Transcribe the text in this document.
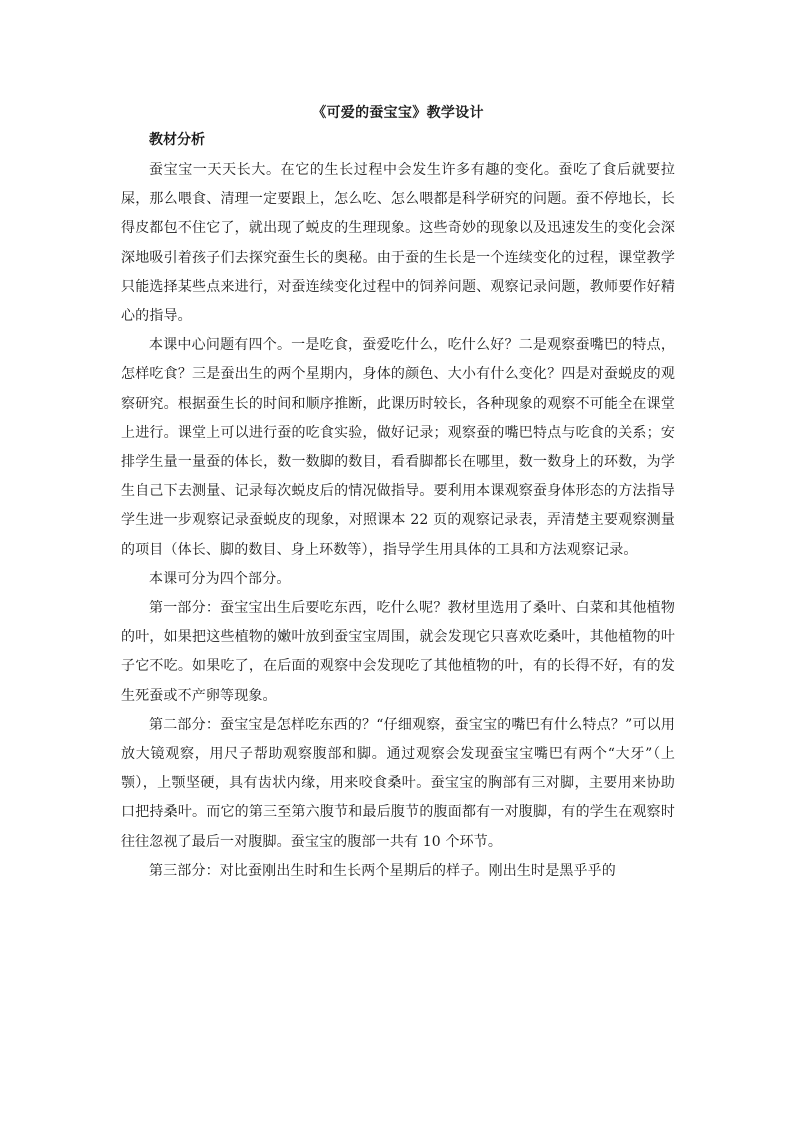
《可爱的蚕宝宝》教学设计

教材分析

蚕宝宝一天天长大。在它的生长过程中会发生许多有趣的变化。蚕吃了食后就要拉屎，那么喂食、清理一定要跟上，怎么吃、怎么喂都是科学研究的问题。蚕不停地长，长得皮都包不住它了，就出现了蜕皮的生理现象。这些奇妙的现象以及迅速发生的变化会深深地吸引着孩子们去探究蚕生长的奥秘。由于蚕的生长是一个连续变化的过程，课堂教学只能选择某些点来进行，对蚕连续变化过程中的饲养问题、观察记录问题，教师要作好精心的指导。

本课中心问题有四个。一是吃食，蚕爱吃什么，吃什么好？二是观察蚕嘴巴的特点，怎样吃食？三是蚕出生的两个星期内，身体的颜色、大小有什么变化？四是对蚕蜕皮的观察研究。根据蚕生长的时间和顺序推断，此课历时较长，各种现象的观察不可能全在课堂上进行。课堂上可以进行蚕的吃食实验，做好记录；观察蚕的嘴巴特点与吃食的关系；安排学生量一量蚕的体长，数一数脚的数目，看看脚都长在哪里，数一数身上的环数，为学生自己下去测量、记录每次蜕皮后的情况做指导。要利用本课观察蚕身体形态的方法指导学生进一步观察记录蚕蜕皮的现象，对照课本 22 页的观察记录表，弄清楚主要观察测量的项目（体长、脚的数目、身上环数等），指导学生用具体的工具和方法观察记录。

本课可分为四个部分。

第一部分：蚕宝宝出生后要吃东西，吃什么呢？教材里选用了桑叶、白菜和其他植物的叶，如果把这些植物的嫩叶放到蚕宝宝周围，就会发现它只喜欢吃桑叶，其他植物的叶子它不吃。如果吃了，在后面的观察中会发现吃了其他植物的叶，有的长得不好，有的发生死蚕或不产卵等现象。

第二部分：蚕宝宝是怎样吃东西的？“仔细观察，蚕宝宝的嘴巴有什么特点？”可以用放大镜观察，用尺子帮助观察腹部和脚。通过观察会发现蚕宝宝嘴巴有两个“大牙”（上颚），上颚坚硬，具有齿状内缘，用来咬食桑叶。蚕宝宝的胸部有三对脚，主要用来协助口把持桑叶。而它的第三至第六腹节和最后腹节的腹面都有一对腹脚，有的学生在观察时往往忽视了最后一对腹脚。蚕宝宝的腹部一共有 10 个环节。

第三部分：对比蚕刚出生时和生长两个星期后的样子。刚出生时是黑乎乎的
